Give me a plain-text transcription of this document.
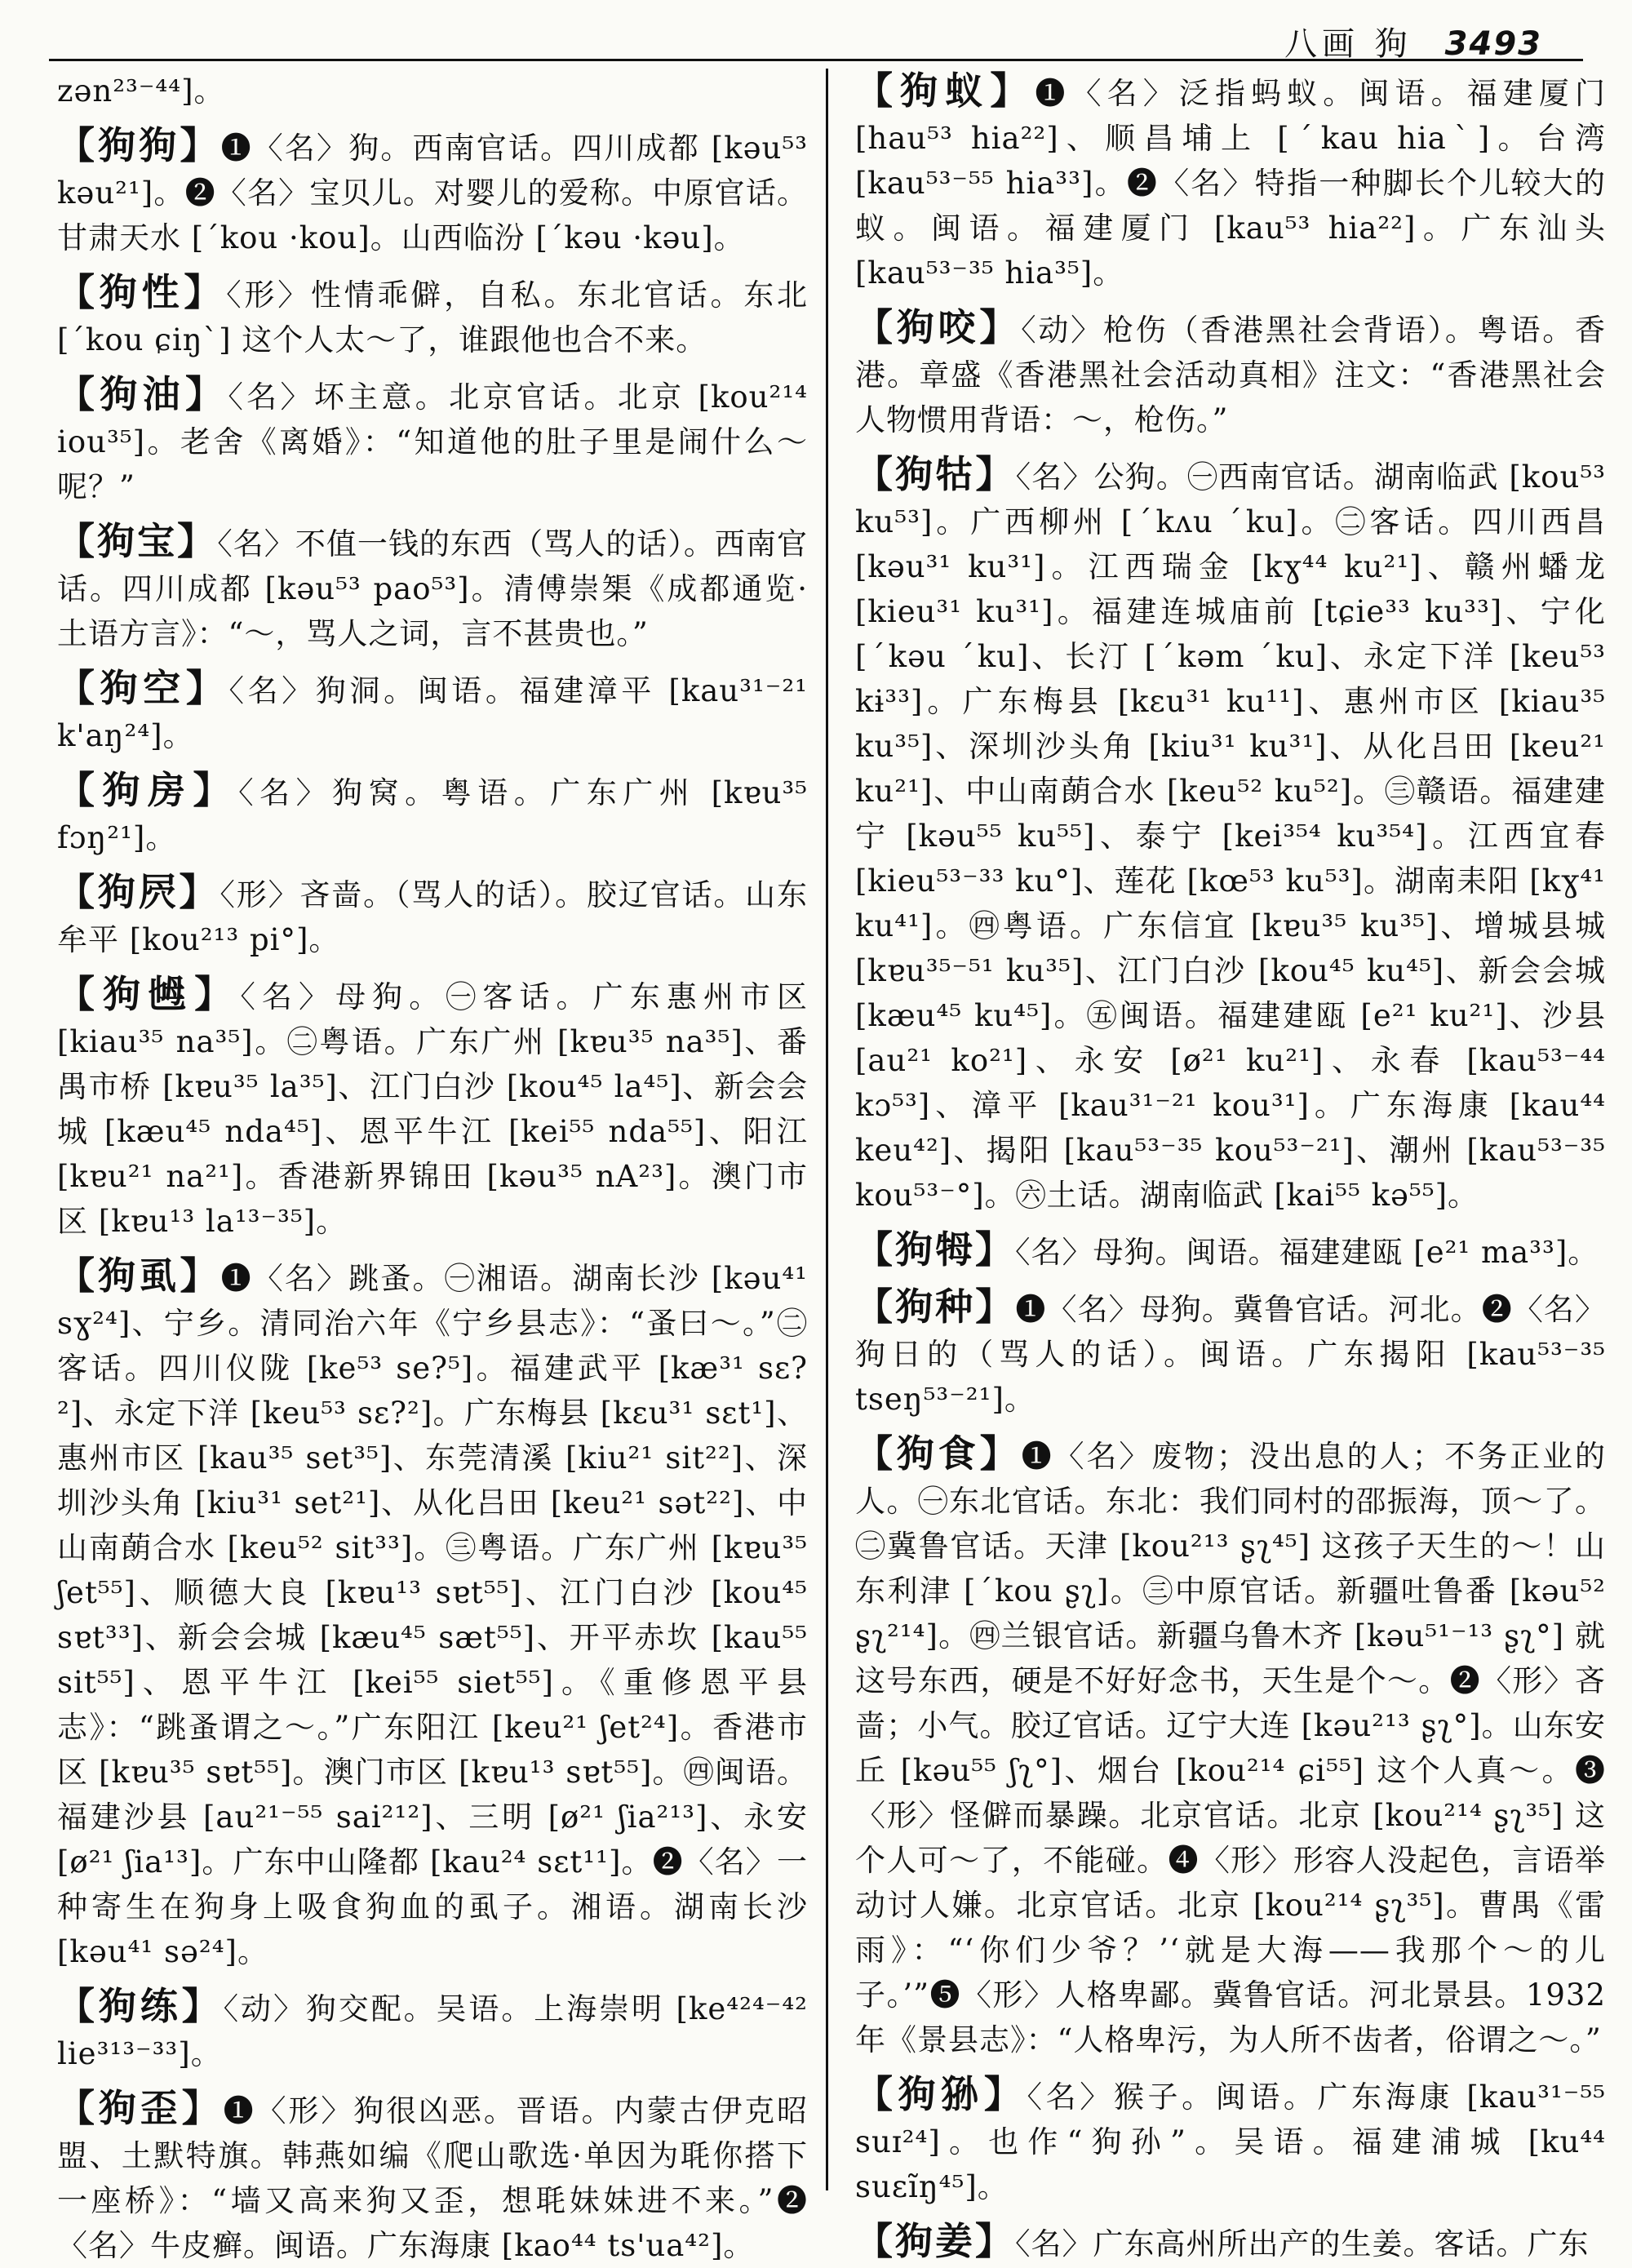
八画 狗 3493

zən²³⁻⁴⁴]。

【狗狗】❶〈名〉狗。西南官话。四川成都 [kəu⁵³ kəu²¹]。❷〈名〉宝贝儿。对婴儿的爱称。中原官话。甘肃天水 [ˊkou ·kou]。山西临汾 [ˊkəu ·kəu]。

【狗性】〈形〉性情乖僻，自私。东北官话。东北 [ˊkou ɕiŋˋ] 这个人太～了，谁跟他也合不来。

【狗油】〈名〉坏主意。北京官话。北京 [kou²¹⁴ iou³⁵]。老舍《离婚》：“知道他的肚子里是闹什么～呢？”

【狗宝】〈名〉不值一钱的东西（骂人的话）。西南官话。四川成都 [kəu⁵³ pao⁵³]。清傅崇榘《成都通览·土语方言》：“～，骂人之词，言不甚贵也。”

【狗空】〈名〉狗洞。闽语。福建漳平 [kau³¹⁻²¹ k'aŋ²⁴]。

【狗房】〈名〉狗窝。粤语。广东广州 [kɐu³⁵ fɔŋ²¹]。

【狗屄】〈形〉吝啬。（骂人的话）。胶辽官话。山东牟平 [kou²¹³ pi°]。

【狗乸】〈名〉母狗。㊀客话。广东惠州市区 [kiau³⁵ na³⁵]。㊁粤语。广东广州 [kɐu³⁵ na³⁵]、番禺市桥 [kɐu³⁵ la³⁵]、江门白沙 [kou⁴⁵ la⁴⁵]、新会会城 [kæu⁴⁵ nda⁴⁵]、恩平牛江 [kei⁵⁵ nda⁵⁵]、阳江 [kɐu²¹ na²¹]。香港新界锦田 [kəu³⁵ nA²³]。澳门市区 [kɐu¹³ la¹³⁻³⁵]。

【狗虱】❶〈名〉跳蚤。㊀湘语。湖南长沙 [kəu⁴¹ sɣ²⁴]、宁乡。清同治六年《宁乡县志》：“蚤曰～。”㊁客话。四川仪陇 [ke⁵³ se?⁵]。福建武平 [kæ³¹ sɛ?²]、永定下洋 [keu⁵³ sɛ?²]。广东梅县 [kɛu³¹ sɛt¹]、惠州市区 [kau³⁵ set³⁵]、东莞清溪 [kiu²¹ sit²²]、深圳沙头角 [kiu³¹ set²¹]、从化吕田 [keu²¹ sət²²]、中山南蓢合水 [keu⁵² sit³³]。㊂粤语。广东广州 [kɐu³⁵ ʃet⁵⁵]、顺德大良 [kɐu¹³ sɐt⁵⁵]、江门白沙 [kou⁴⁵ sɐt³³]、新会会城 [kæu⁴⁵ sæt⁵⁵]、开平赤坎 [kau⁵⁵ sit⁵⁵]、恩平牛江 [kei⁵⁵ siet⁵⁵]。《重修恩平县志》：“跳蚤谓之～。”广东阳江 [keu²¹ ʃet²⁴]。香港市区 [kɐu³⁵ sɐt⁵⁵]。澳门市区 [kɐu¹³ sɐt⁵⁵]。㊃闽语。福建沙县 [au²¹⁻⁵⁵ sai²¹²]、三明 [ø²¹ ʃia²¹³]、永安 [ø²¹ ʃia¹³]。广东中山隆都 [kau²⁴ sɛt¹¹]。❷〈名〉一种寄生在狗身上吸食狗血的虱子。湘语。湖南长沙 [kəu⁴¹ sə²⁴]。

【狗练】〈动〉狗交配。吴语。上海崇明 [ke⁴²⁴⁻⁴² lie³¹³⁻³³]。

【狗歪】❶〈形〉狗很凶恶。晋语。内蒙古伊克昭盟、土默特旗。韩燕如编《爬山歌选·单因为毦你搭下一座桥》：“墙又高来狗又歪，想毦妹妹进不来。”❷〈名〉牛皮癣。闽语。广东海康 [kao⁴⁴ ts'ua⁴²]。

【狗蚁】❶〈名〉泛指蚂蚁。闽语。福建厦门 [hau⁵³ hia²²]、顺昌埔上 [ˊkau hiaˋ]。台湾 [kau⁵³⁻⁵⁵ hia³³]。❷〈名〉特指一种脚长个儿较大的蚁。闽语。福建厦门 [kau⁵³ hia²²]。广东汕头 [kau⁵³⁻³⁵ hia³⁵]。

【狗咬】〈动〉枪伤（香港黑社会背语）。粤语。香港。章盛《香港黑社会活动真相》注文：“香港黑社会人物惯用背语：～，枪伤。”

【狗牯】〈名〉公狗。㊀西南官话。湖南临武 [kou⁵³ ku⁵³]。广西柳州 [ˊkʌu ˊku]。㊁客话。四川西昌 [kəu³¹ ku³¹]。江西瑞金 [kɣ⁴⁴ ku²¹]、赣州蟠龙 [kieu³¹ ku³¹]。福建连城庙前 [tɕie³³ ku³³]、宁化 [ˊkəu ˊku]、长汀 [ˊkəm ˊku]、永定下洋 [keu⁵³ kɨ³³]。广东梅县 [kɛu³¹ ku¹¹]、惠州市区 [kiau³⁵ ku³⁵]、深圳沙头角 [kiu³¹ ku³¹]、从化吕田 [keu²¹ ku²¹]、中山南蓢合水 [keu⁵² ku⁵²]。㊂赣语。福建建宁 [kəu⁵⁵ ku⁵⁵]、泰宁 [kei³⁵⁴ ku³⁵⁴]。江西宜春 [kieu⁵³⁻³³ ku°]、莲花 [kœ⁵³ ku⁵³]。湖南耒阳 [kɣ⁴¹ ku⁴¹]。㊃粤语。广东信宜 [kɐu³⁵ ku³⁵]、增城县城 [kɐu³⁵⁻⁵¹ ku³⁵]、江门白沙 [kou⁴⁵ ku⁴⁵]、新会会城 [kæu⁴⁵ ku⁴⁵]。㊄闽语。福建建瓯 [e²¹ ku²¹]、沙县 [au²¹ ko²¹]、永安 [ø²¹ ku²¹]、永春 [kau⁵³⁻⁴⁴ kɔ⁵³]、漳平 [kau³¹⁻²¹ kou³¹]。广东海康 [kau⁴⁴ keu⁴²]、揭阳 [kau⁵³⁻³⁵ kou⁵³⁻²¹]、潮州 [kau⁵³⁻³⁵ kou⁵³⁻°]。㊅土话。湖南临武 [kai⁵⁵ kə⁵⁵]。

【狗牳】〈名〉母狗。闽语。福建建瓯 [e²¹ ma³³]。

【狗种】❶〈名〉母狗。冀鲁官话。河北。❷〈名〉狗日的（骂人的话）。闽语。广东揭阳 [kau⁵³⁻³⁵ tseŋ⁵³⁻²¹]。

【狗食】❶〈名〉废物；没出息的人；不务正业的人。㊀东北官话。东北：我们同村的邵振海，顶～了。㊁冀鲁官话。天津 [kou²¹³ ʂʅ⁴⁵] 这孩子天生的～！山东利津 [ˊkou ʂʅ]。㊂中原官话。新疆吐鲁番 [kəu⁵² ʂʅ²¹⁴]。㊃兰银官话。新疆乌鲁木齐 [kəu⁵¹⁻¹³ ʂʅ°] 就这号东西，硬是不好好念书，天生是个～。❷〈形〉吝啬；小气。胶辽官话。辽宁大连 [kəu²¹³ ʂʅ°]。山东安丘 [kəu⁵⁵ ʃʅ°]、烟台 [kou²¹⁴ ɕi⁵⁵] 这个人真～。❸〈形〉怪僻而暴躁。北京官话。北京 [kou²¹⁴ ʂʅ³⁵] 这个人可～了，不能碰。❹〈形〉形容人没起色，言语举动讨人嫌。北京官话。北京 [kou²¹⁴ ʂʅ³⁵]。曹禺《雷雨》：“‘你们少爷？’‘就是大海——我那个～的儿子。’”❺〈形〉人格卑鄙。冀鲁官话。河北景县。1932年《景县志》：“人格卑污，为人所不齿者，俗谓之～。”

【狗狲】〈名〉猴子。闽语。广东海康 [kau³¹⁻⁵⁵ suɪ²⁴]。也作“狗孙”。吴语。福建浦城 [ku⁴⁴ suɛĩŋ⁴⁵]。

【狗姜】〈名〉广东高州所出产的生姜。客话。广东
